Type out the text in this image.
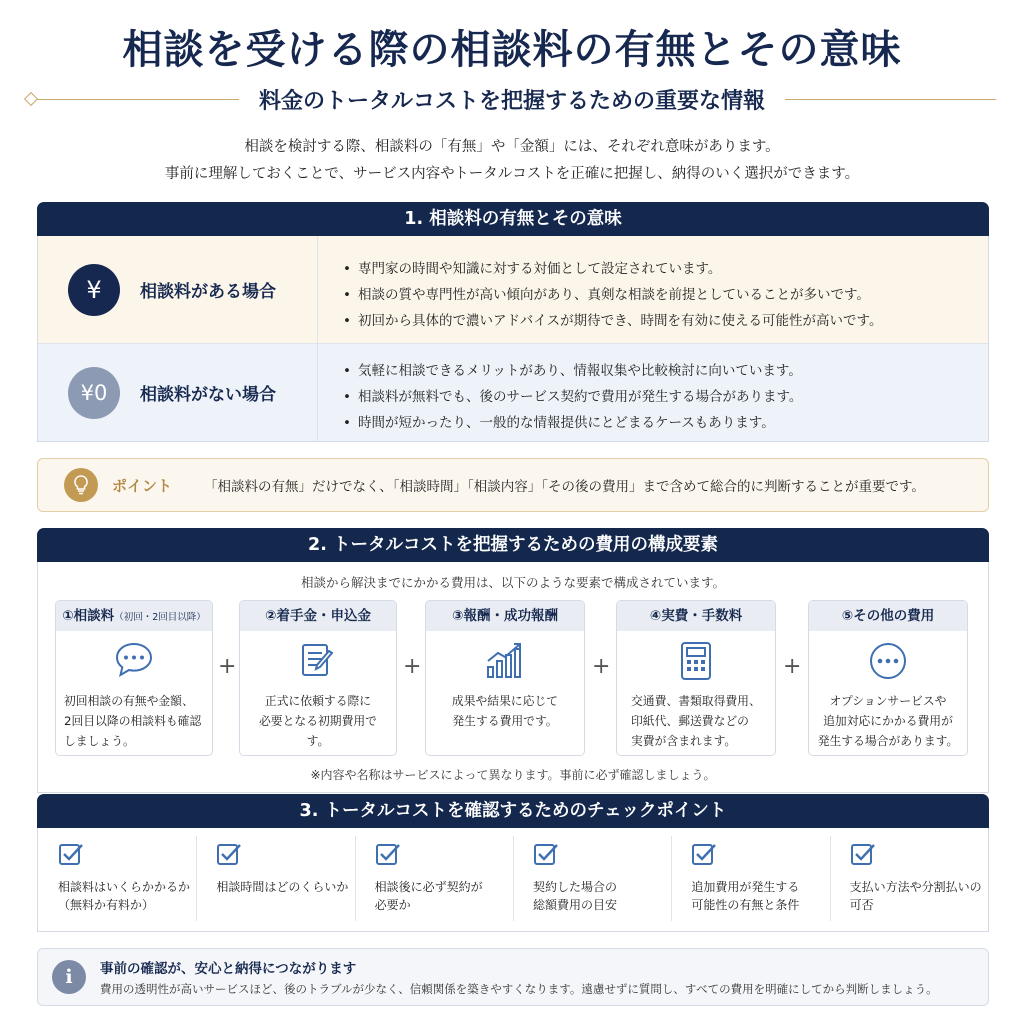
相談を受ける際の相談料の有無とその意味
料金のトータルコストを把握するための重要な情報
相談を検討する際、相談料の「有無」や「金額」には、それぞれ意味があります。
事前に理解しておくことで、サービス内容やトータルコストを正確に把握し、納得のいく選択ができます。
1. 相談料の有無とその意味
¥	相談料がある場合
• 専門家の時間や知識に対する対価として設定されています。
• 相談の質や専門性が高い傾向があり、真剣な相談を前提としていることが多いです。
• 初回から具体的で濃いアドバイスが期待でき、時間を有効に使える可能性が高いです。
¥0	相談料がない場合
• 気軽に相談できるメリットがあり、情報収集や比較検討に向いています。
• 相談料が無料でも、後のサービス契約で費用が発生する場合があります。
• 時間が短かったり、一般的な情報提供にとどまるケースもあります。
ポイント	「相談料の有無」だけでなく、「相談時間」「相談内容」「その後の費用」まで含めて総合的に判断することが重要です。
2. トータルコストを把握するための費用の構成要素
相談から解決までにかかる費用は、以下のような要素で構成されています。
①相談料（初回・2回目以降）
初回相談の有無や金額、
2回目以降の相談料も確認
しましょう。
+
②着手金・申込金
正式に依頼する際に
必要となる初期費用です。
+
③報酬・成功報酬
成果や結果に応じて
発生する費用です。
+
④実費・手数料
交通費、書類取得費用、
印紙代、郵送費などの
実費が含まれます。
+
⑤その他の費用
オプションサービスや
追加対応にかかる費用が
発生する場合があります。
※内容や名称はサービスによって異なります。事前に必ず確認しましょう。
3. トータルコストを確認するためのチェックポイント
相談料はいくらかかるか
（無料か有料か）
相談時間はどのくらいか	相談後に必ず契約が
必要か
契約した場合の
総額費用の目安
追加費用が発生する
可能性の有無と条件
支払い方法や分割払いの
可否
i	事前の確認が、安心と納得につながります
費用の透明性が高いサービスほど、後のトラブルが少なく、信頼関係を築きやすくなります。遠慮せずに質問し、すべての費用を明確にしてから判断しましょう。
